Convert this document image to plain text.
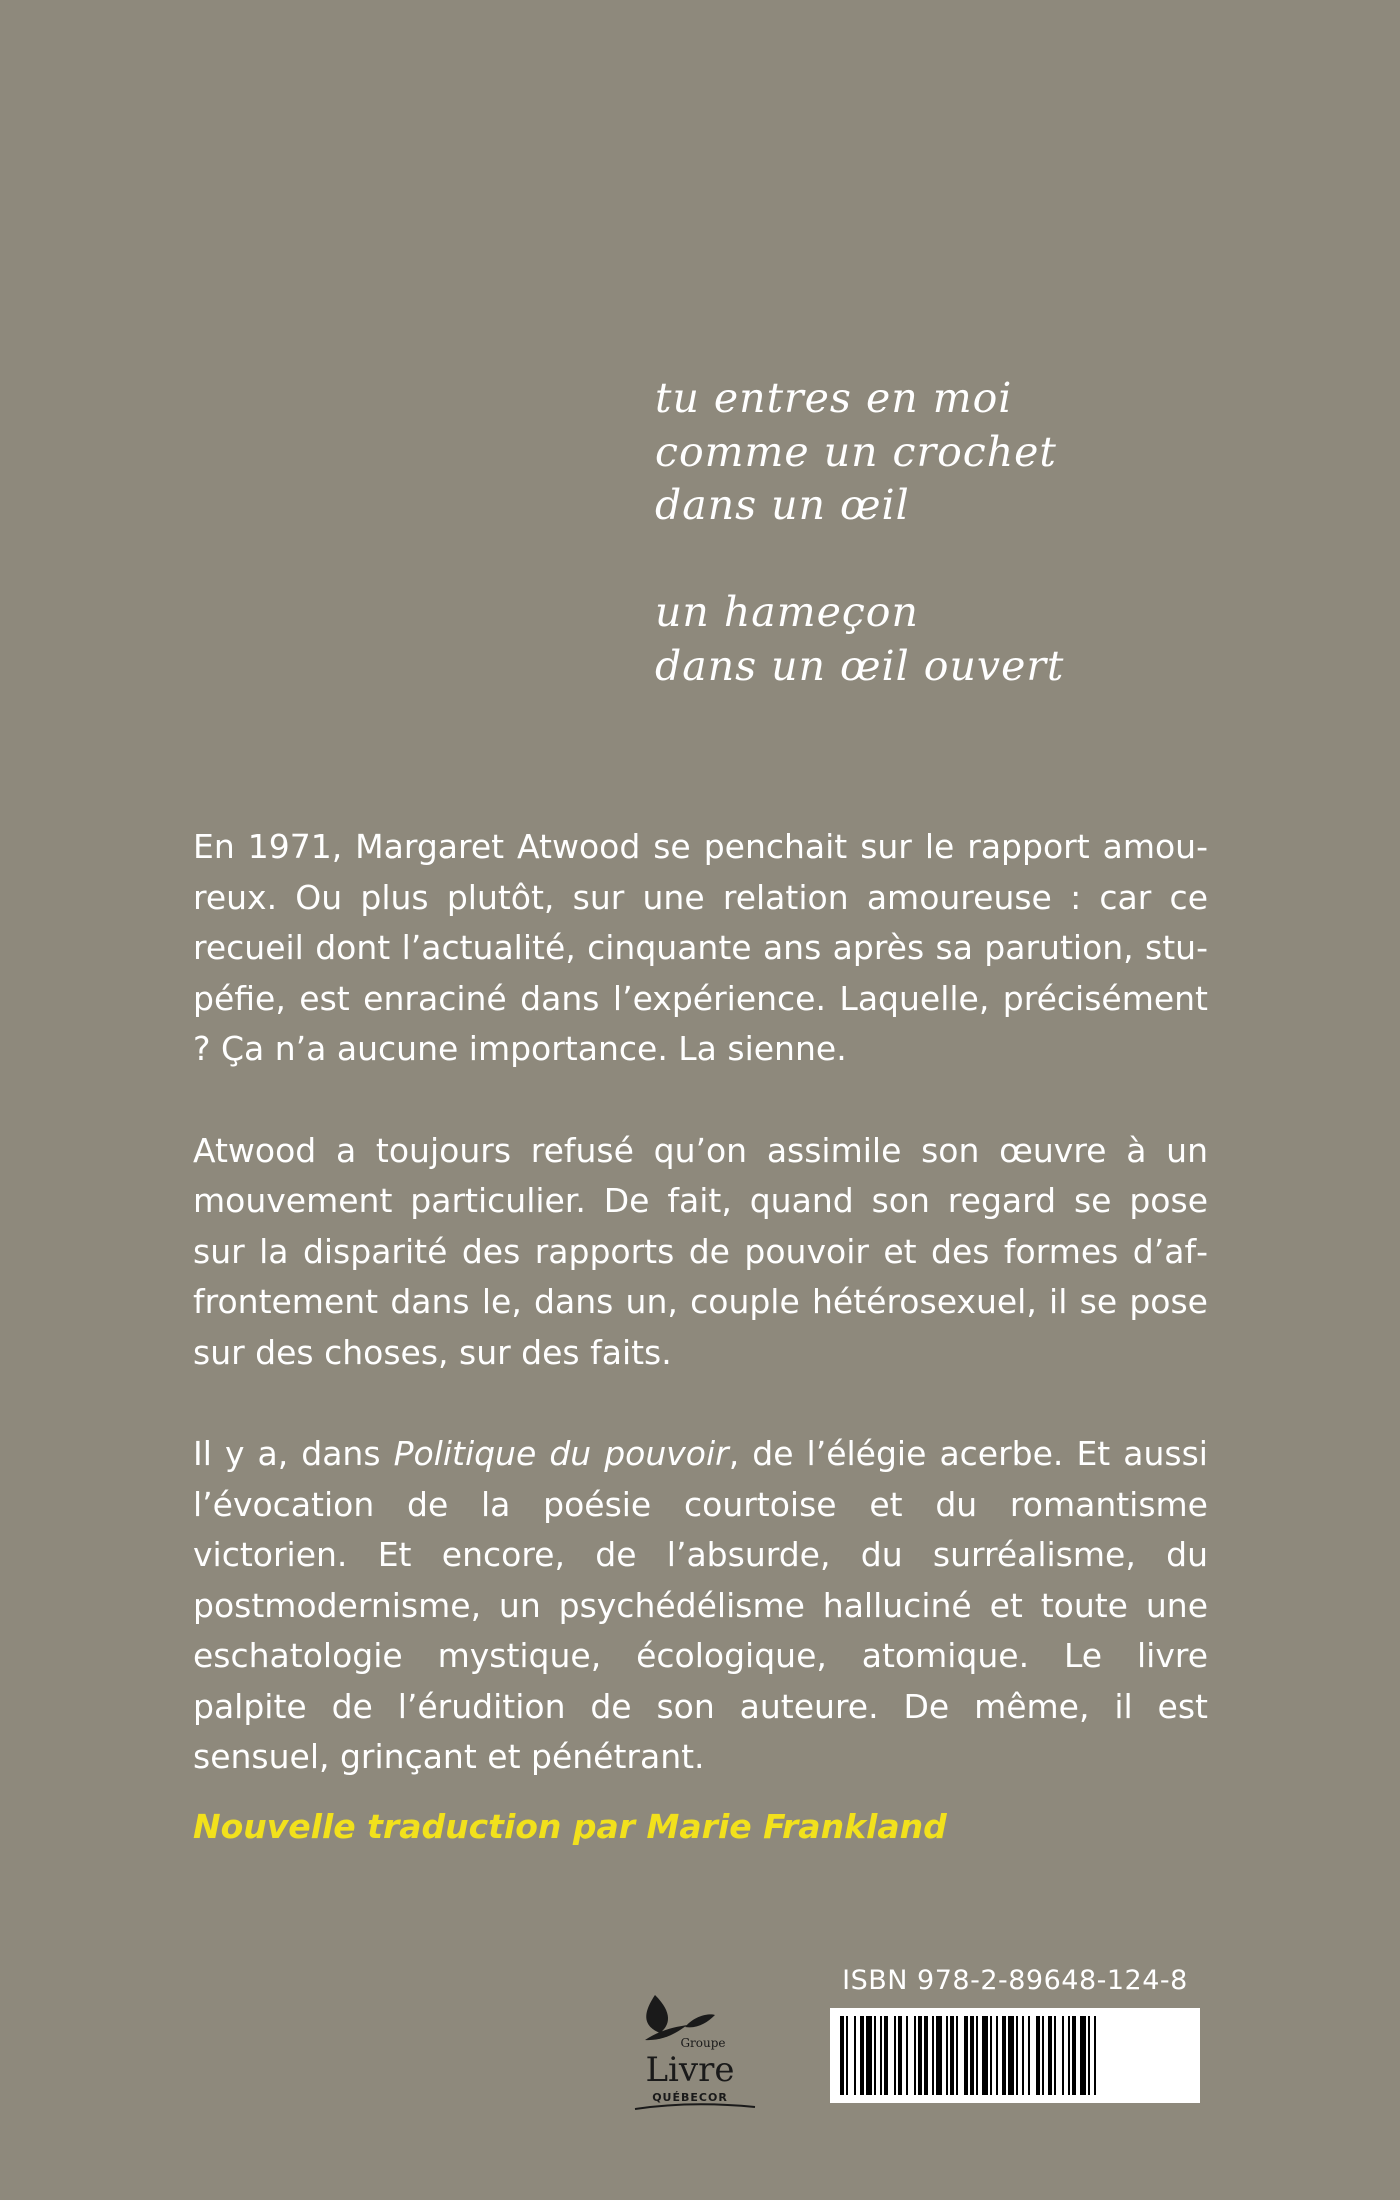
tu entres en moi
comme un crochet
dans un œil
un hameçon
dans un œil ouvert

En 1971, Margaret Atwood se penchait sur le rapport amoureux. Ou plus plutôt, sur une relation amoureuse : car ce recueil dont l’actualité, cinquante ans après sa parution, stupéfie, est enraciné dans l’expérience. Laquelle, précisément ? Ça n’a aucune importance. La sienne.

Atwood a toujours refusé qu’on assimile son œuvre à un mouvement particulier. De fait, quand son regard se pose sur la disparité des rapports de pouvoir et des formes d’affrontement dans le, dans un, couple hétérosexuel, il se pose sur des choses, sur des faits.

Il y a, dans Politique du pouvoir, de l’élégie acerbe. Et aussi l’évocation de la poésie courtoise et du romantisme victorien. Et encore, de l’absurde, du surréalisme, du postmodernisme, un psychédélisme halluciné et toute une eschatologie mystique, écologique, atomique. Le livre palpite de l’érudition de son auteure. De même, il est sensuel, grinçant et pénétrant.

Nouvelle traduction par Marie Frankland
Groupe
Livre
QUÉBECOR
ISBN 978-2-89648-124-8
